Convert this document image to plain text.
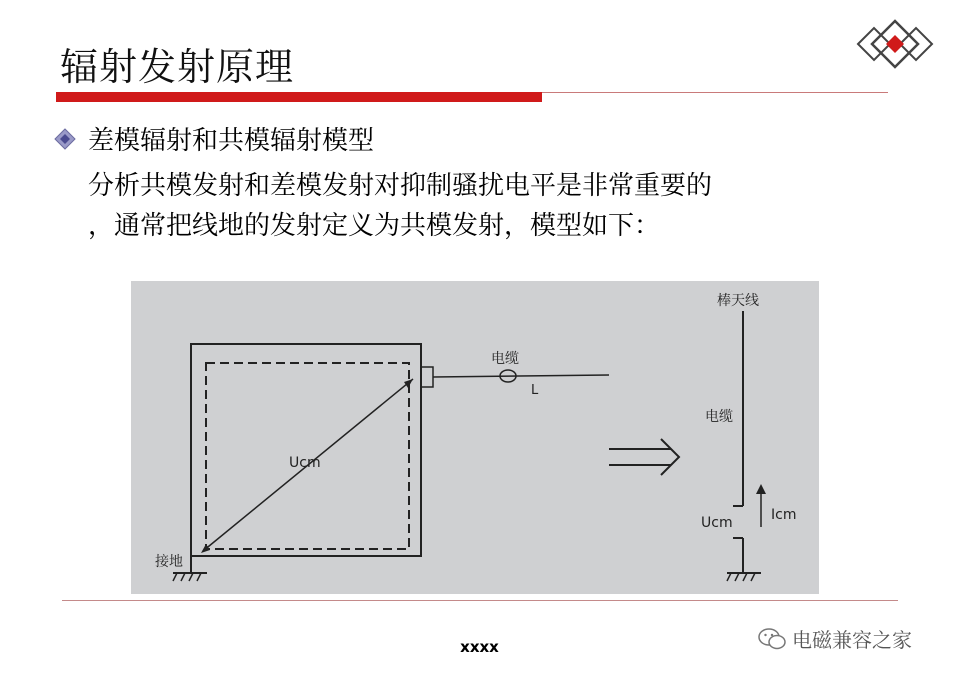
辐射发射原理
差模辐射和共模辐射模型
分析共模发射和差模发射对抑制骚扰电平是非常重要的
，通常把线地的发射定义为共模发射，模型如下：
电缆
L
Ucm
接地
棒天线
电缆
Ucm	Icm
xxxx	电磁兼容之家
